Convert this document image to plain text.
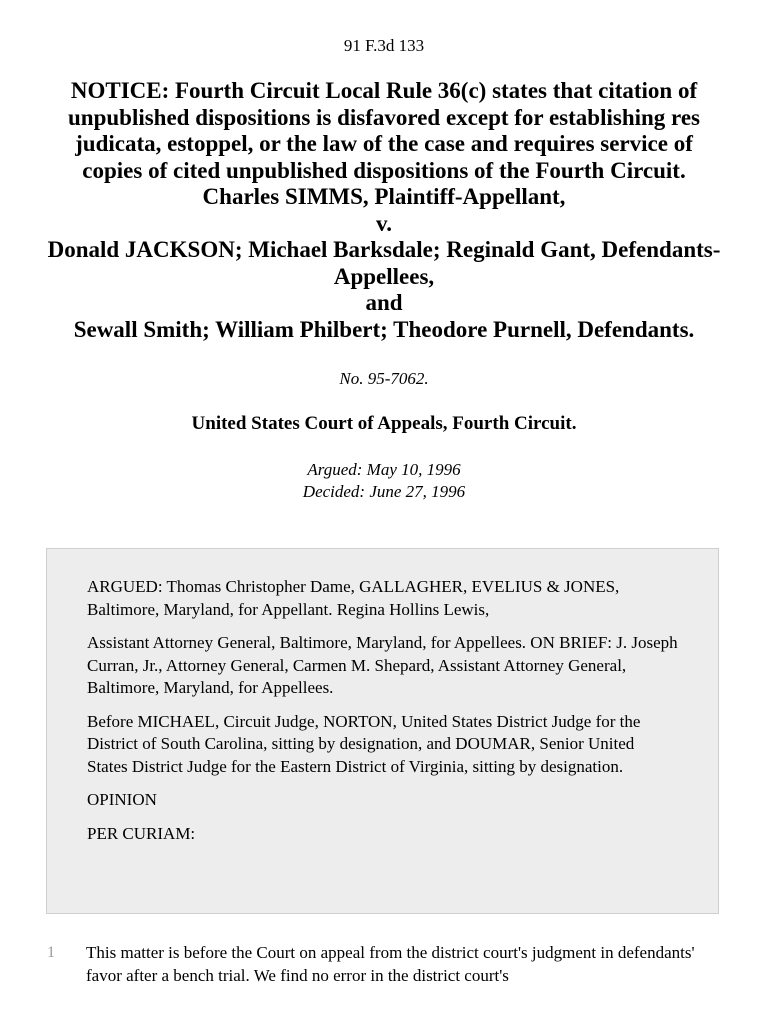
91 F.3d 133
NOTICE: Fourth Circuit Local Rule 36(c) states that citation of unpublished dispositions is disfavored except for establishing res judicata, estoppel, or the law of the case and requires service of copies of cited unpublished dispositions of the Fourth Circuit.
Charles SIMMS, Plaintiff-Appellant,
v.
Donald JACKSON; Michael Barksdale; Reginald Gant, Defendants-Appellees,
and
Sewall Smith; William Philbert; Theodore Purnell, Defendants.
No. 95-7062.
United States Court of Appeals, Fourth Circuit.
Argued: May 10, 1996
Decided: June 27, 1996

ARGUED: Thomas Christopher Dame, GALLAGHER, EVELIUS & JONES, Baltimore, Maryland, for Appellant. Regina Hollins Lewis,

Assistant Attorney General, Baltimore, Maryland, for Appellees. ON BRIEF: J. Joseph Curran, Jr., Attorney General, Carmen M. Shepard, Assistant Attorney General, Baltimore, Maryland, for Appellees.

Before MICHAEL, Circuit Judge, NORTON, United States District Judge for the District of South Carolina, sitting by designation, and DOUMAR, Senior United States District Judge for the Eastern District of Virginia, sitting by designation.

OPINION

PER CURIAM:

1 This matter is before the Court on appeal from the district court's judgment in defendants' favor after a bench trial. We find no error in the district court's
